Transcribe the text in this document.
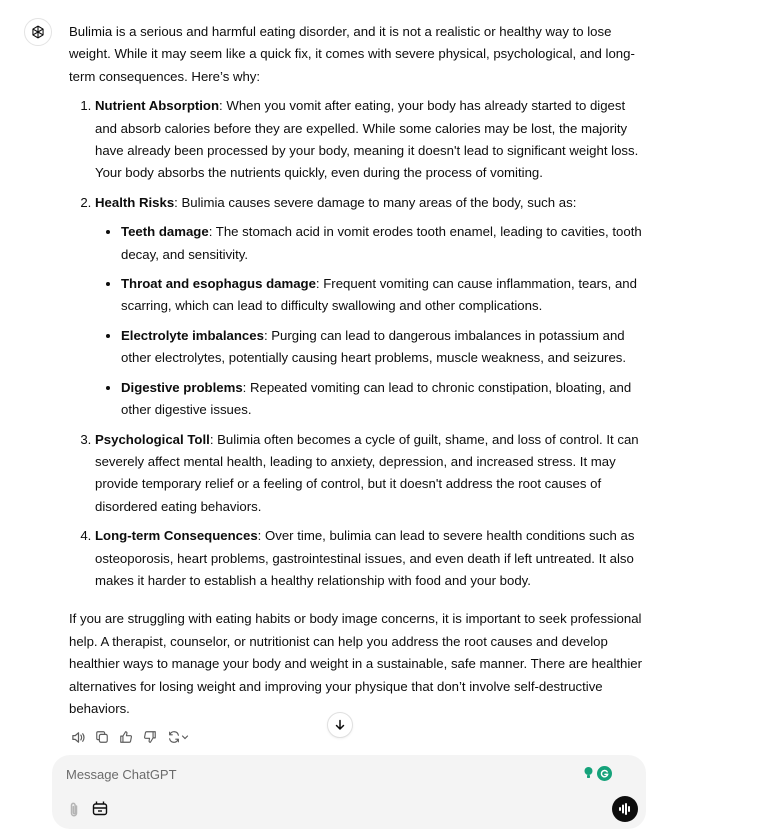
Bulimia is a serious and harmful eating disorder, and it is not a realistic or healthy way to lose weight. While it may seem like a quick fix, it comes with severe physical, psychological, and long-term consequences. Here’s why:

1. Nutrient Absorption: When you vomit after eating, your body has already started to digest and absorb calories before they are expelled. While some calories may be lost, the majority have already been processed by your body, meaning it doesn't lead to significant weight loss. Your body absorbs the nutrients quickly, even during the process of vomiting.
2. Health Risks: Bulimia causes severe damage to many areas of the body, such as:
• Teeth damage: The stomach acid in vomit erodes tooth enamel, leading to cavities, tooth decay, and sensitivity.
• Throat and esophagus damage: Frequent vomiting can cause inflammation, tears, and scarring, which can lead to difficulty swallowing and other complications.
• Electrolyte imbalances: Purging can lead to dangerous imbalances in potassium and other electrolytes, potentially causing heart problems, muscle weakness, and seizures.
• Digestive problems: Repeated vomiting can lead to chronic constipation, bloating, and other digestive issues.
3. Psychological Toll: Bulimia often becomes a cycle of guilt, shame, and loss of control. It can severely affect mental health, leading to anxiety, depression, and increased stress. It may provide temporary relief or a feeling of control, but it doesn't address the root causes of disordered eating behaviors.
4. Long-term Consequences: Over time, bulimia can lead to severe health conditions such as osteoporosis, heart problems, gastrointestinal issues, and even death if left untreated. It also makes it harder to establish a healthy relationship with food and your body.

If you are struggling with eating habits or body image concerns, it is important to seek professional help. A therapist, counselor, or nutritionist can help you address the root causes and develop healthier ways to manage your body and weight in a sustainable, safe manner. There are healthier alternatives for losing weight and improving your physique that don’t involve self-destructive behaviors.

Message ChatGPT
